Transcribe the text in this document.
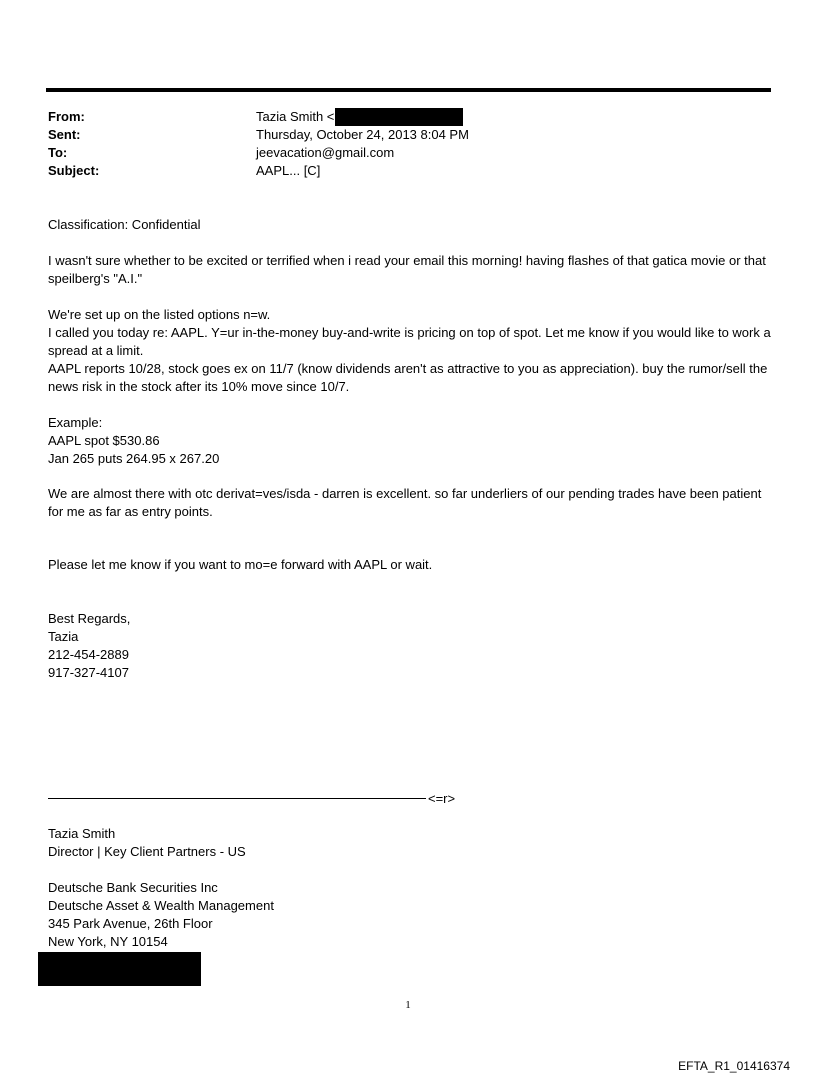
From:	Tazia Smith <
Sent:	Thursday, October 24, 2013 8:04 PM
To:	jeevacation@gmail.com
Subject:	AAPL... [C]
Classification: Confidential
I wasn't sure whether to be excited or terrified when i read your email this morning! having flashes of that gatica movie or that speilberg's "A.I."

We're set up on the listed options n=w.

I called you today re: AAPL. Y=ur in-the-money buy-and-write is pricing on top of spot. Let me know if you would like to work a spread at a limit.

AAPL reports 10/28, stock goes ex on 11/7 (know dividends aren't as attractive to you as appreciation). buy the rumor/sell the news risk in the stock after its 10% move since 10/7.

Example:

AAPL spot $530.86

Jan 265 puts 264.95 x 267.20

We are almost there with otc derivat=ves/isda - darren is excellent. so far underliers of our pending trades have been patient for me as far as entry points.
Please let me know if you want to mo=e forward with AAPL or wait.

Best Regards,

Tazia

212-454-2889

917-327-4107

<=r>

Tazia Smith

Director | Key Client Partners - US

Deutsche Bank Securities Inc

Deutsche Asset & Wealth Management

345 Park Avenue, 26th Floor

New York, NY 10154

1
EFTA_R1_01416374
